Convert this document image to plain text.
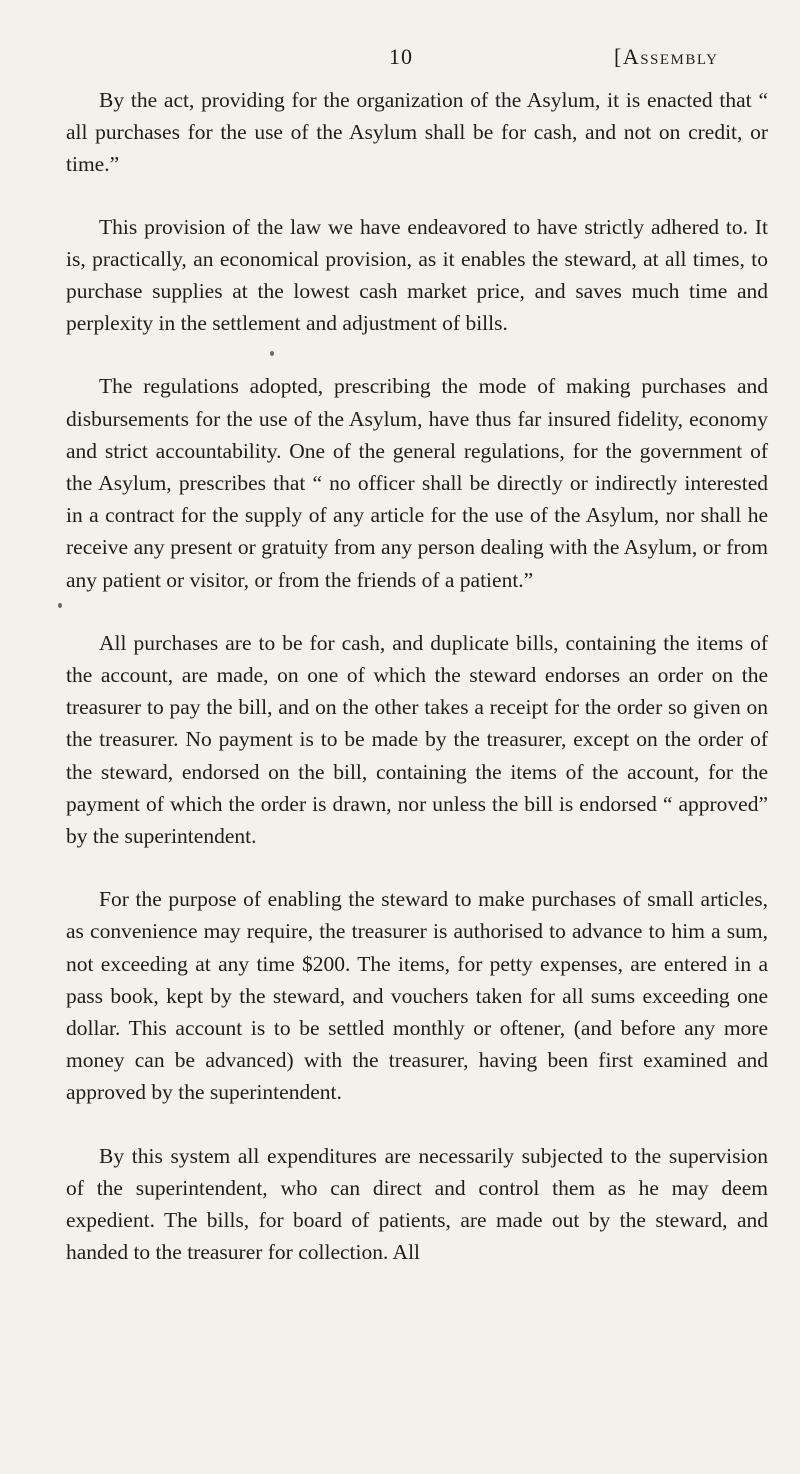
10	[Assembly

By the act, providing for the organization of the Asylum, it is enacted that “ all purchases for the use of the Asylum shall be for cash, and not on credit, or time.”

This provision of the law we have endeavored to have strictly adhered to. It is, practically, an economical provision, as it enables the steward, at all times, to purchase supplies at the lowest cash market price, and saves much time and perplexity in the settlement and adjustment of bills.

The regulations adopted, prescribing the mode of making purchases and disbursements for the use of the Asylum, have thus far insured fidelity, economy and strict accountability. One of the general regulations, for the government of the Asylum, prescribes that “ no officer shall be directly or indirectly interested in a contract for the supply of any article for the use of the Asylum, nor shall he receive any present or gratuity from any person dealing with the Asylum, or from any patient or visitor, or from the friends of a patient.”

All purchases are to be for cash, and duplicate bills, containing the items of the account, are made, on one of which the steward endorses an order on the treasurer to pay the bill, and on the other takes a receipt for the order so given on the treasurer. No payment is to be made by the treasurer, except on the order of the steward, endorsed on the bill, containing the items of the account, for the payment of which the order is drawn, nor unless the bill is endorsed “ approved” by the superintendent.

For the purpose of enabling the steward to make purchases of small articles, as convenience may require, the treasurer is authorised to advance to him a sum, not exceeding at any time $200. The items, for petty expenses, are entered in a pass book, kept by the steward, and vouchers taken for all sums exceeding one dollar. This account is to be settled monthly or oftener, (and before any more money can be advanced) with the treasurer, having been first examined and approved by the superintendent.

By this system all expenditures are necessarily subjected to the supervision of the superintendent, who can direct and control them as he may deem expedient. The bills, for board of patients, are made out by the steward, and handed to the treasurer for collection. All
